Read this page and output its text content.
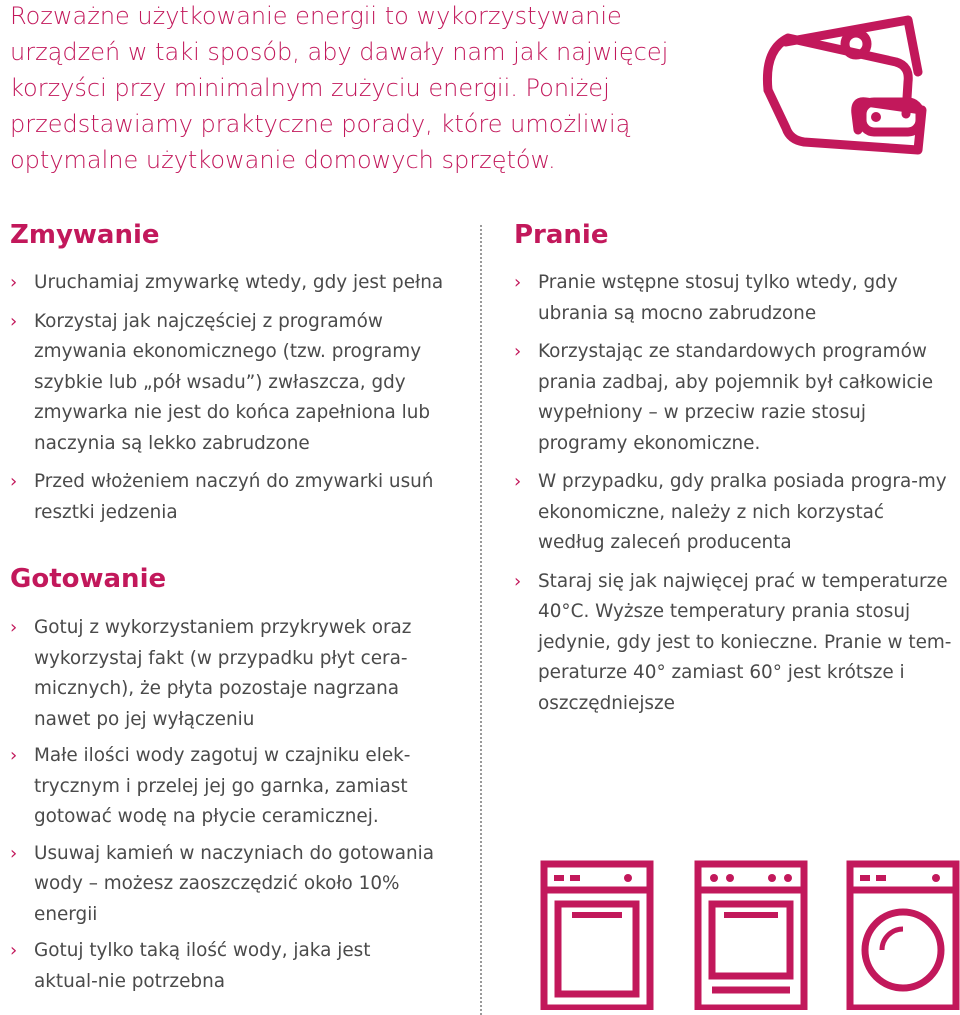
Rozważne użytkowanie energii to wykorzystywanie urządzeń w taki sposób, aby dawały nam jak najwięcej korzyści przy minimalnym zużyciu energii. Poniżej przedstawiamy praktyczne porady, które umożliwią optymalne użytkowanie domowych sprzętów.

Zmywanie
› Uruchamiaj zmywarkę wtedy, gdy jest pełna
› Korzystaj jak najczęściej z programów zmywania ekonomicznego (tzw. programy szybkie lub „pół wsadu”) zwłaszcza, gdy zmywarka nie jest do końca zapełniona lub naczynia są lekko zabrudzone
› Przed włożeniem naczyń do zmywarki usuń resztki jedzenia
Gotowanie
› Gotuj z wykorzystaniem przykrywek oraz wykorzystaj fakt (w przypadku płyt cera-micznych), że płyta pozostaje nagrzana nawet po jej wyłączeniu
› Małe ilości wody zagotuj w czajniku elek-trycznym i przelej jej go garnka, zamiast gotować wodę na płycie ceramicznej.
› Usuwaj kamień w naczyniach do gotowania wody – możesz zaoszczędzić około 10% energii
› Gotuj tylko taką ilość wody, jaka jest aktual-nie potrzebna
Pranie
› Pranie wstępne stosuj tylko wtedy, gdy ubrania są mocno zabrudzone
› Korzystając ze standardowych programów prania zadbaj, aby pojemnik był całkowicie wypełniony – w przeciw razie stosuj programy ekonomiczne.
› W przypadku, gdy pralka posiada progra-my ekonomiczne, należy z nich korzystać według zaleceń producenta
› Staraj się jak najwięcej prać w temperaturze 40°C. Wyższe temperatury prania stosuj jedynie, gdy jest to konieczne. Pranie w tem-peraturze 40° zamiast 60° jest krótsze i oszczędniejsze
